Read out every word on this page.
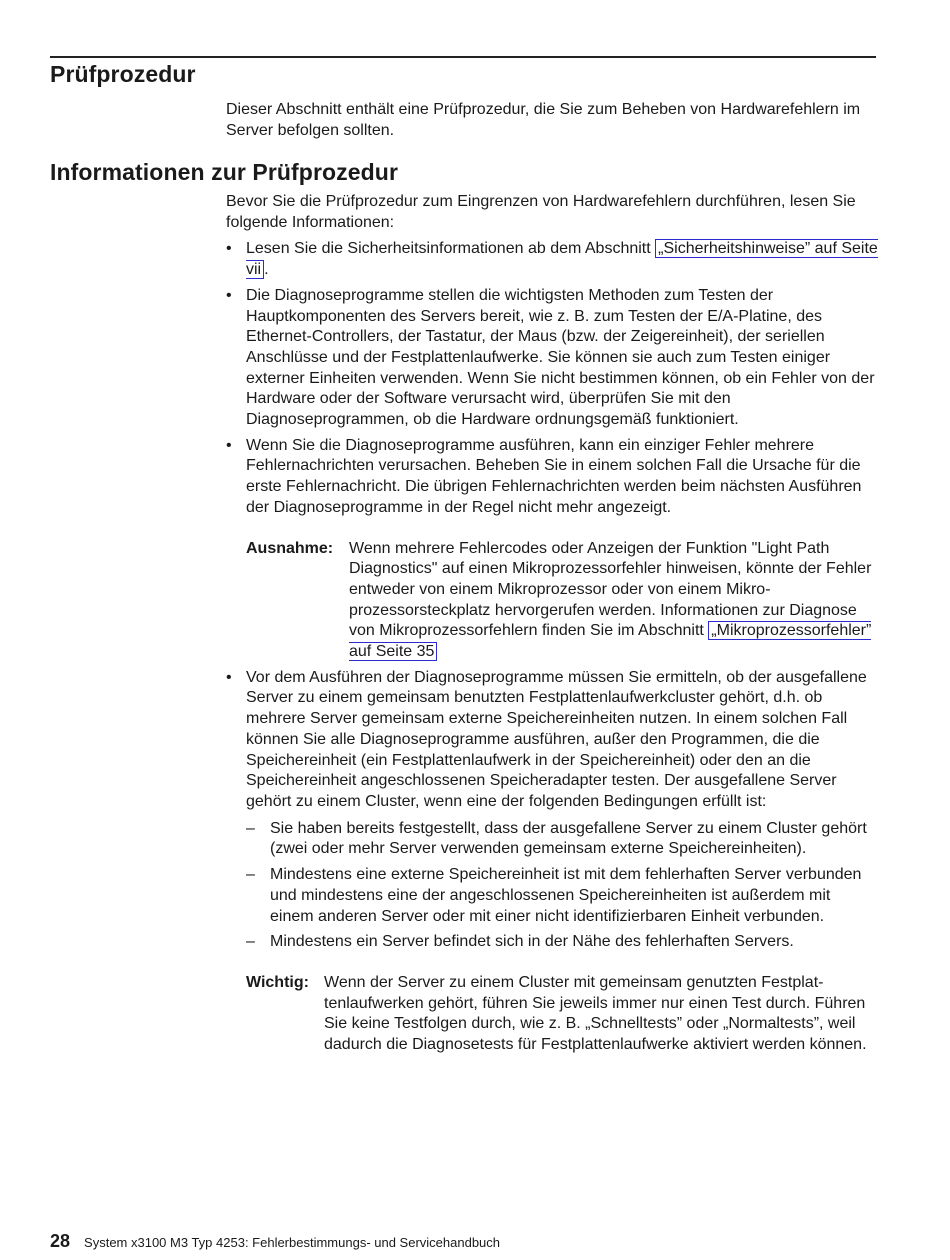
Prüfprozedur

Dieser Abschnitt enthält eine Prüfprozedur, die Sie zum Beheben von Hardwarefehlern im Server befolgen sollten.

Informationen zur Prüfprozedur

Bevor Sie die Prüfprozedur zum Eingrenzen von Hardwarefehlern durchführen, lesen Sie folgende Informationen:

• Lesen Sie die Sicherheitsinformationen ab dem Abschnitt „Sicherheitshinweise” auf Seite vii .
• Die Diagnoseprogramme stellen die wichtigsten Methoden zum Testen der Hauptkomponenten des Servers bereit, wie z. B. zum Testen der E/A-Platine, des Ethernet-Controllers, der Tastatur, der Maus (bzw. der Zeigereinheit), der seriellen Anschlüsse und der Festplattenlaufwerke. Sie können sie auch zum Testen einiger externer Einheiten verwenden. Wenn Sie nicht bestimmen können, ob ein Fehler von der Hardware oder der Software verursacht wird, überprüfen Sie mit den Diagnoseprogrammen, ob die Hardware ordnungsgemäß funktioniert.
• Wenn Sie die Diagnoseprogramme ausführen, kann ein einziger Fehler mehrere Fehlernachrichten verursachen. Beheben Sie in einem solchen Fall die Ursache für die erste Fehlernachricht. Die übrigen Fehlernachrichten werden beim nächsten Ausführen der Diagnoseprogramme in der Regel nicht mehr angezeigt.
Ausnahme: Wenn mehrere Fehlercodes oder Anzeigen der Funktion "Light Path Diagnostics" auf einen Mikroprozessorfehler hinweisen, könnte der Fehler entweder von einem Mikroprozessor oder von einem Mikroprozessorsteckplatz hervorgerufen werden. Informationen zur Diagnose von Mikroprozessorfehlern finden Sie im Abschnitt „Mikroprozessorfehler” auf Seite 35
• Vor dem Ausführen der Diagnoseprogramme müssen Sie ermitteln, ob der ausgefallene Server zu einem gemeinsam benutzten Festplattenlaufwerkcluster gehört, d.h. ob mehrere Server gemeinsam externe Speichereinheiten nutzen. In einem solchen Fall können Sie alle Diagnoseprogramme ausführen, außer den Programmen, die die Speichereinheit (ein Festplattenlaufwerk in der Speichereinheit) oder den an die Speichereinheit angeschlossenen Speicheradapter testen. Der ausgefallene Server gehört zu einem Cluster, wenn eine der folgenden Bedingungen erfüllt ist:
– Sie haben bereits festgestellt, dass der ausgefallene Server zu einem Cluster gehört (zwei oder mehr Server verwenden gemeinsam externe Speichereinheiten).
– Mindestens eine externe Speichereinheit ist mit dem fehlerhaften Server verbunden und mindestens eine der angeschlossenen Speichereinheiten ist außerdem mit einem anderen Server oder mit einer nicht identifizierbaren Einheit verbunden.
– Mindestens ein Server befindet sich in der Nähe des fehlerhaften Servers.
Wichtig: Wenn der Server zu einem Cluster mit gemeinsam genutzten Festplattenlaufwerken gehört, führen Sie jeweils immer nur einen Test durch. Führen Sie keine Testfolgen durch, wie z. B. „Schnelltests” oder „Normaltests”, weil dadurch die Diagnosetests für Festplattenlaufwerke aktiviert werden können.
28 System x3100 M3 Typ 4253: Fehlerbestimmungs- und Servicehandbuch
